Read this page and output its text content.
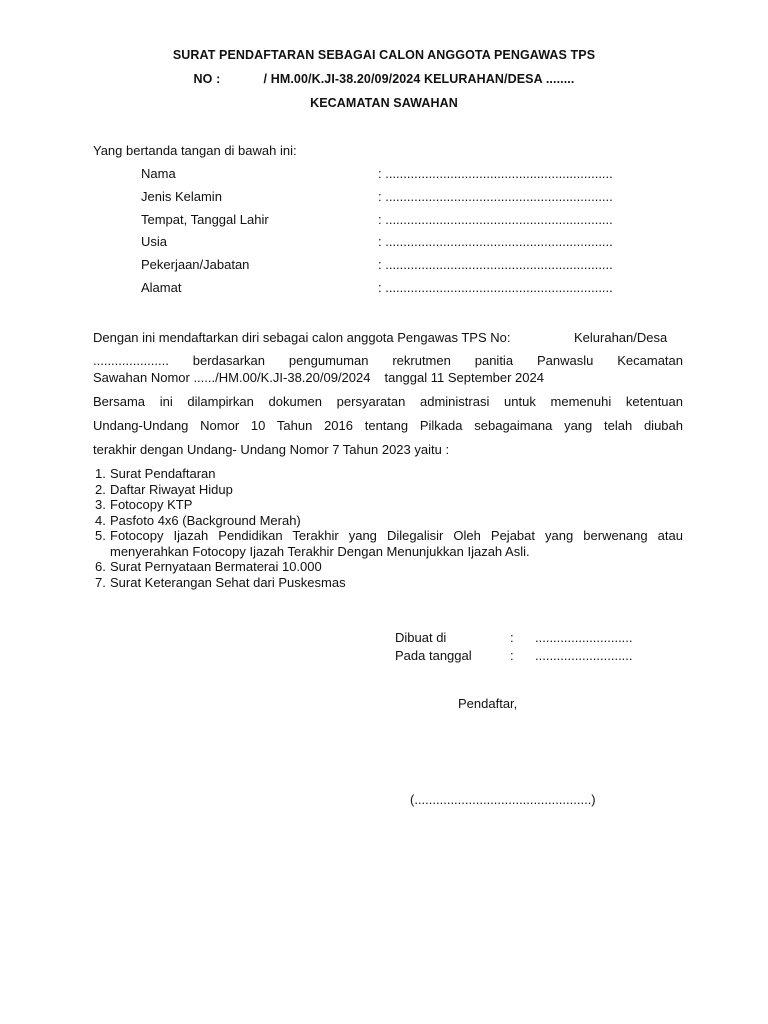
SURAT PENDAFTARAN SEBAGAI CALON ANGGOTA PENGAWAS TPS
NO :	/ HM.00/K.JI-38.20/09/2024 KELURAHAN/DESA ........
KECAMATAN SAWAHAN
Yang bertanda tangan di bawah ini:
Nama	: ...............................................................
Jenis Kelamin	: ...............................................................
Tempat, Tanggal Lahir	: ...............................................................
Usia	: ...............................................................
Pekerjaan/Jabatan	: ...............................................................
Alamat	: ...............................................................
Dengan ini mendaftarkan diri sebagai calon anggota Pengawas TPS No:	Kelurahan/Desa
..................... berdasarkan pengumuman rekrutmen panitia Panwaslu Kecamatan
Sawahan Nomor ....../HM.00/K.JI-38.20/09/2024 tanggal 11 September 2024
Bersama ini dilampirkan dokumen persyaratan administrasi untuk memenuhi ketentuan
Undang-Undang Nomor 10 Tahun 2016 tentang Pilkada sebagaimana yang telah diubah
terakhir dengan Undang- Undang Nomor 7 Tahun 2023 yaitu :
1. Surat Pendaftaran
2. Daftar Riwayat Hidup
3. Fotocopy KTP
4. Pasfoto 4x6 (Background Merah)
5. Fotocopy Ijazah Pendidikan Terakhir yang Dilegalisir Oleh Pejabat yang berwenang atau menyerahkan Fotocopy Ijazah Terakhir Dengan Menunjukkan Ijazah Asli.
6. Surat Pernyataan Bermaterai 10.000
7. Surat Keterangan Sehat dari Puskesmas
Dibuat di	: ...........................
Pada tanggal	: ...........................
Pendaftar,
(.................................................)
